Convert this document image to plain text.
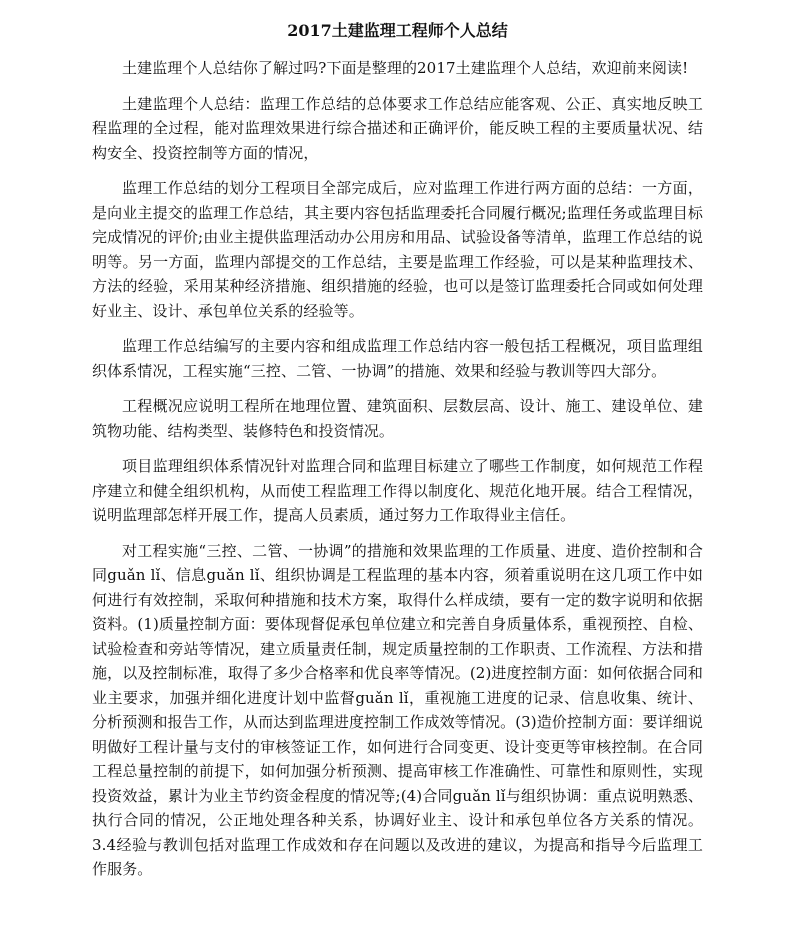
2017土建监理工程师个人总结

土建监理个人总结你了解过吗?下面是整理的2017土建监理个人总结，欢迎前来阅读!

土建监理个人总结：监理工作总结的总体要求工作总结应能客观、公正、真实地反映工程监理的全过程，能对监理效果进行综合描述和正确评价，能反映工程的主要质量状况、结构安全、投资控制等方面的情况，

监理工作总结的划分工程项目全部完成后，应对监理工作进行两方面的总结：一方面，是向业主提交的监理工作总结，其主要内容包括监理委托合同履行概况;监理任务或监理目标完成情况的评价;由业主提供监理活动办公用房和用品、试验设备等清单，监理工作总结的说明等。另一方面，监理内部提交的工作总结，主要是监理工作经验，可以是某种监理技术、方法的经验，采用某种经济措施、组织措施的经验，也可以是签订监理委托合同或如何处理好业主、设计、承包单位关系的经验等。

监理工作总结编写的主要内容和组成监理工作总结内容一般包括工程概况，项目监理组织体系情况，工程实施“三控、二管、一协调”的措施、效果和经验与教训等四大部分。

工程概况应说明工程所在地理位置、建筑面积、层数层高、设计、施工、建设单位、建筑物功能、结构类型、装修特色和投资情况。

项目监理组织体系情况针对监理合同和监理目标建立了哪些工作制度，如何规范工作程序建立和健全组织机构，从而使工程监理工作得以制度化、规范化地开展。结合工程情况，说明监理部怎样开展工作，提高人员素质，通过努力工作取得业主信任。

对工程实施“三控、二管、一协调”的措施和效果监理的工作质量、进度、造价控制和合同guǎn lǐ、信息guǎn lǐ、组织协调是工程监理的基本内容，须着重说明在这几项工作中如何进行有效控制，采取何种措施和技术方案，取得什么样成绩，要有一定的数字说明和依据资料。(1)质量控制方面：要体现督促承包单位建立和完善自身质量体系，重视预控、自检、试验检查和旁站等情况，建立质量责任制，规定质量控制的工作职责、工作流程、方法和措施，以及控制标准，取得了多少合格率和优良率等情况。(2)进度控制方面：如何依据合同和业主要求，加强并细化进度计划中监督guǎn lǐ，重视施工进度的记录、信息收集、统计、分析预测和报告工作，从而达到监理进度控制工作成效等情况。(3)造价控制方面：要详细说明做好工程计量与支付的审核签证工作，如何进行合同变更、设计变更等审核控制。在合同工程总量控制的前提下，如何加强分析预测、提高审核工作准确性、可靠性和原则性，实现投资效益，累计为业主节约资金程度的情况等;(4)合同guǎn lǐ与组织协调：重点说明熟悉、执行合同的情况，公正地处理各种关系，协调好业主、设计和承包单位各方关系的情况。3.4经验与教训包括对监理工作成效和存在问题以及改进的建议，为提高和指导今后监理工作服务。
